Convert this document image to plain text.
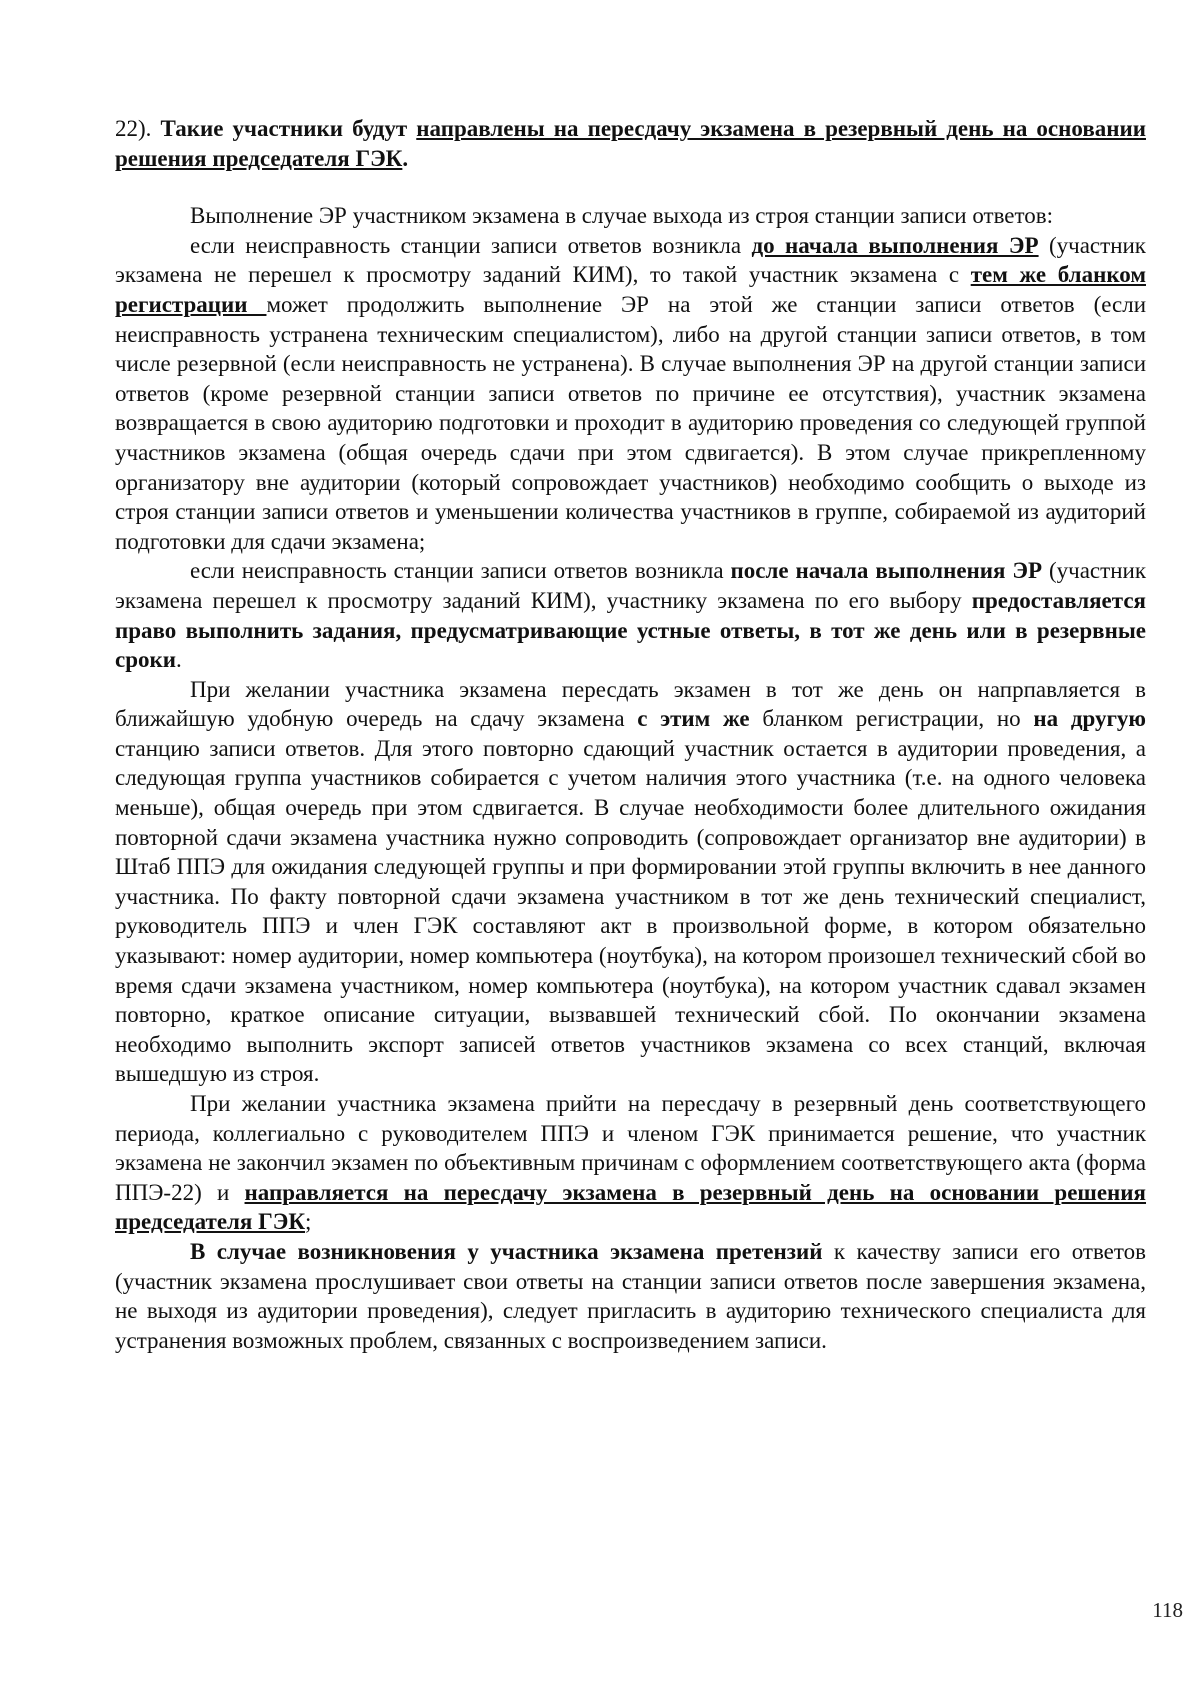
22). Такие участники будут направлены на пересдачу экзамена в резервный день на основании решения председателя ГЭК.

Выполнение ЭР участником экзамена в случае выхода из строя станции записи ответов:

если неисправность станции записи ответов возникла до начала выполнения ЭР (участник экзамена не перешел к просмотру заданий КИМ), то такой участник экзамена с тем же бланком регистрации может продолжить выполнение ЭР на этой же станции записи ответов (если неисправность устранена техническим специалистом), либо на другой станции записи ответов, в том числе резервной (если неисправность не устранена). В случае выполнения ЭР на другой станции записи ответов (кроме резервной станции записи ответов по причине ее отсутствия), участник экзамена возвращается в свою аудиторию подготовки и проходит в аудиторию проведения со следующей группой участников экзамена (общая очередь сдачи при этом сдвигается). В этом случае прикрепленному организатору вне аудитории (который сопровождает участников) необходимо сообщить о выходе из строя станции записи ответов и уменьшении количества участников в группе, собираемой из аудиторий подготовки для сдачи экзамена;

если неисправность станции записи ответов возникла после начала выполнения ЭР (участник экзамена перешел к просмотру заданий КИМ), участнику экзамена по его выбору предоставляется право выполнить задания, предусматривающие устные ответы, в тот же день или в резервные сроки.

При желании участника экзамена пересдать экзамен в тот же день он напрпавляется в ближайшую удобную очередь на сдачу экзамена с этим же бланком регистрации, но на другую станцию записи ответов. Для этого повторно сдающий участник остается в аудитории проведения, а следующая группа участников собирается с учетом наличия этого участника (т.е. на одного человека меньше), общая очередь при этом сдвигается. В случае необходимости более длительного ожидания повторной сдачи экзамена участника нужно сопроводить (сопровождает организатор вне аудитории) в Штаб ППЭ для ожидания следующей группы и при формировании этой группы включить в нее данного участника. По факту повторной сдачи экзамена участником в тот же день технический специалист, руководитель ППЭ и член ГЭК составляют акт в произвольной форме, в котором обязательно указывают: номер аудитории, номер компьютера (ноутбука), на котором произошел технический сбой во время сдачи экзамена участником, номер компьютера (ноутбука), на котором участник сдавал экзамен повторно, краткое описание ситуации, вызвавшей технический сбой. По окончании экзамена необходимо выполнить экспорт записей ответов участников экзамена со всех станций, включая вышедшую из строя.

При желании участника экзамена прийти на пересдачу в резервный день соответствующего периода, коллегиально с руководителем ППЭ и членом ГЭК принимается решение, что участник экзамена не закончил экзамен по объективным причинам с оформлением соответствующего акта (форма ППЭ-22) и направляется на пересдачу экзамена в резервный день на основании решения председателя ГЭК;

В случае возникновения у участника экзамена претензий к качеству записи его ответов (участник экзамена прослушивает свои ответы на станции записи ответов после завершения экзамена, не выходя из аудитории проведения), следует пригласить в аудиторию технического специалиста для устранения возможных проблем, связанных с воспроизведением записи.

118
